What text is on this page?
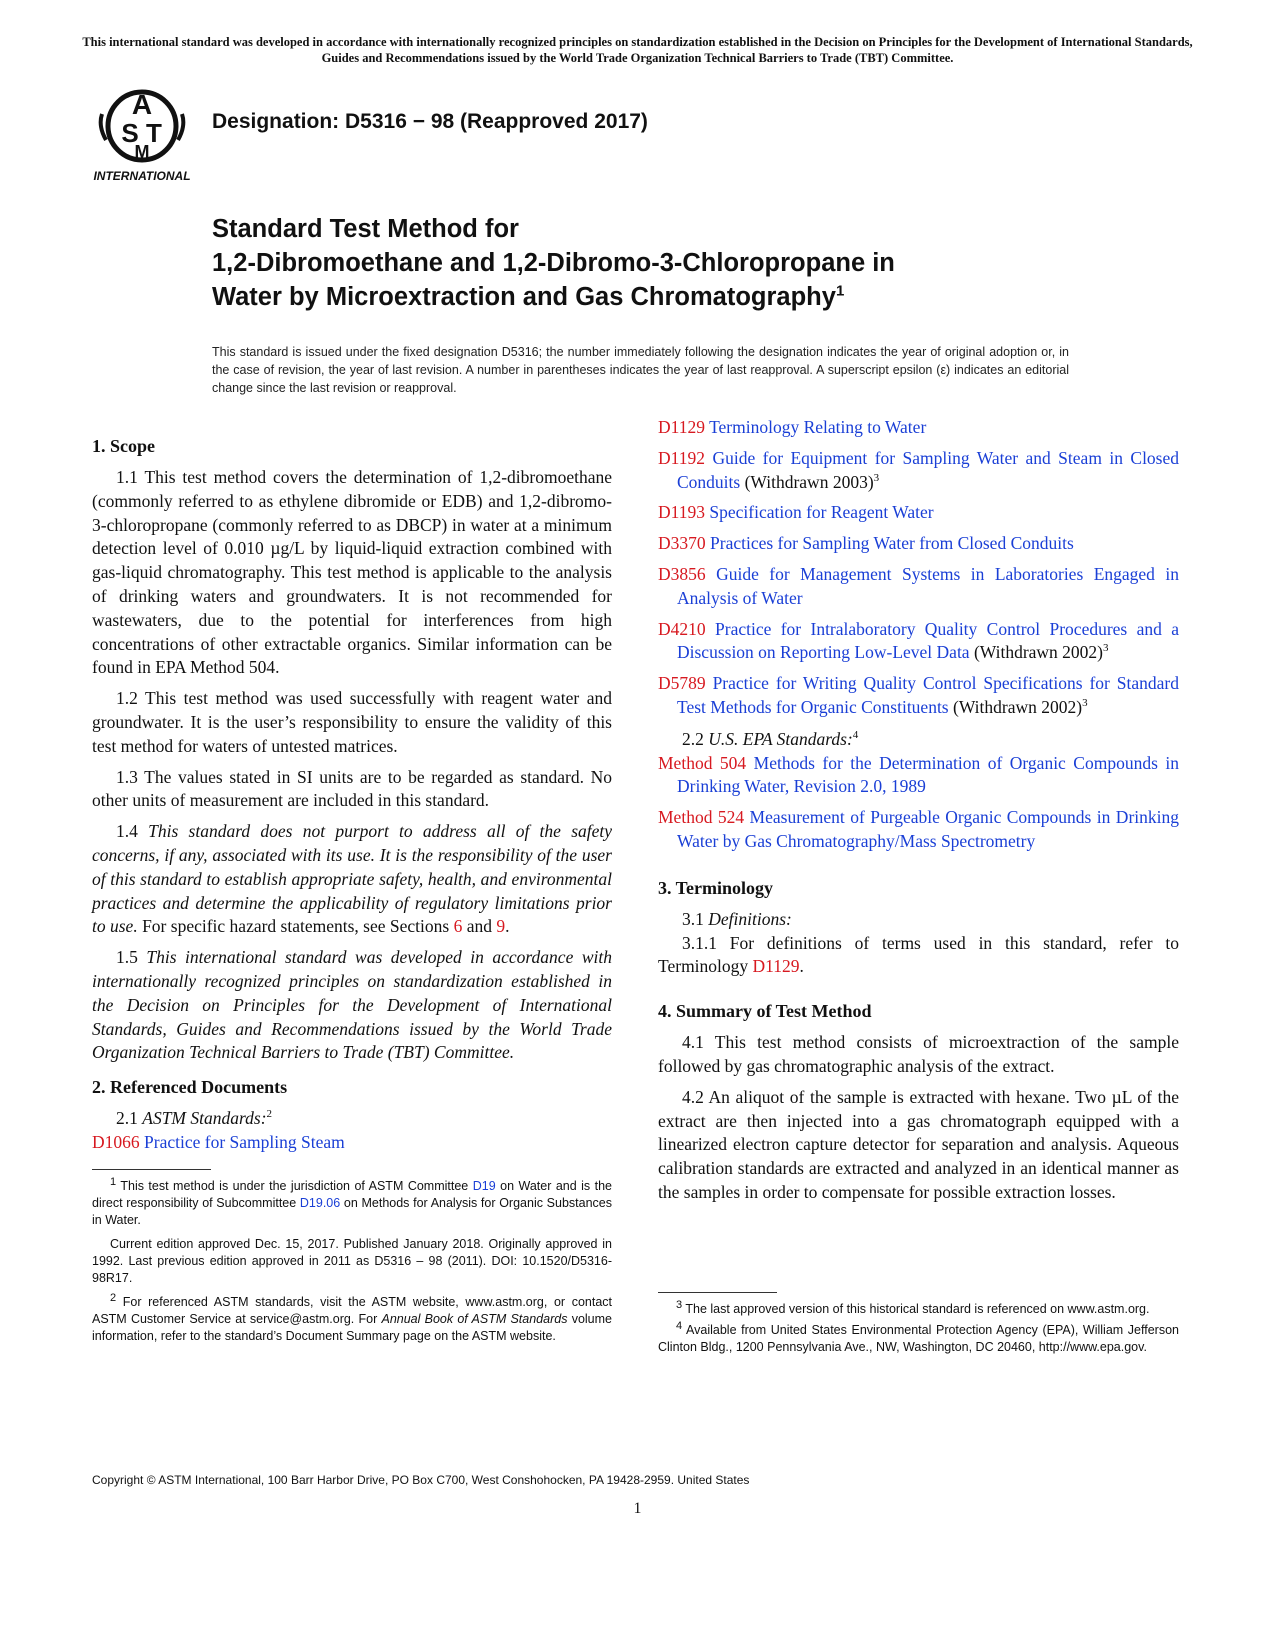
This international standard was developed in accordance with internationally recognized principles on standardization established in the Decision on Principles for the Development of International Standards, Guides and Recommendations issued by the World Trade Organization Technical Barriers to Trade (TBT) Committee.
A
S T
M
INTERNATIONAL
Designation: D5316 − 98 (Reapproved 2017)
Standard Test Method for
1,2-Dibromoethane and 1,2-Dibromo-3-Chloropropane in
Water by Microextraction and Gas Chromatography$^1$
This standard is issued under the fixed designation D5316; the number immediately following the designation indicates the year of original adoption or, in the case of revision, the year of last revision. A number in parentheses indicates the year of last reapproval. A superscript epsilon (ε) indicates an editorial change since the last revision or reapproval.
1. Scope

1.1 This test method covers the determination of 1,2-dibromoethane (commonly referred to as ethylene dibromide or EDB) and 1,2-dibromo-3-chloropropane (commonly referred to as DBCP) in water at a minimum detection level of 0.010 µg/L by liquid-liquid extraction combined with gas-liquid chromatography. This test method is applicable to the analysis of drinking waters and groundwaters. It is not recommended for wastewaters, due to the potential for interferences from high concentrations of other extractable organics. Similar information can be found in EPA Method 504.

1.2 This test method was used successfully with reagent water and groundwater. It is the user’s responsibility to ensure the validity of this test method for waters of untested matrices.

1.3 The values stated in SI units are to be regarded as standard. No other units of measurement are included in this standard.

1.4 This standard does not purport to address all of the safety concerns, if any, associated with its use. It is the responsibility of the user of this standard to establish appropriate safety, health, and environmental practices and determine the applicability of regulatory limitations prior to use. For specific hazard statements, see Sections 6 and 9.

1.5 This international standard was developed in accordance with internationally recognized principles on standardization established in the Decision on Principles for the Development of International Standards, Guides and Recommendations issued by the World Trade Organization Technical Barriers to Trade (TBT) Committee.

2. Referenced Documents

2.1 ASTM Standards:$^2$

D1066 Practice for Sampling Steam

$^1$ This test method is under the jurisdiction of ASTM Committee D19 on Water and is the direct responsibility of Subcommittee D19.06 on Methods for Analysis for Organic Substances in Water.

Current edition approved Dec. 15, 2017. Published January 2018. Originally approved in 1992. Last previous edition approved in 2011 as D5316 – 98 (2011). DOI: 10.1520/D5316-98R17.

$^2$ For referenced ASTM standards, visit the ASTM website, www.astm.org, or contact ASTM Customer Service at service@astm.org. For Annual Book of ASTM Standards volume information, refer to the standard’s Document Summary page on the ASTM website.

D1129 Terminology Relating to Water

D1192 Guide for Equipment for Sampling Water and Steam in Closed Conduits (Withdrawn 2003)$^3$

D1193 Specification for Reagent Water

D3370 Practices for Sampling Water from Closed Conduits

D3856 Guide for Management Systems in Laboratories Engaged in Analysis of Water

D4210 Practice for Intralaboratory Quality Control Procedures and a Discussion on Reporting Low-Level Data (Withdrawn 2002)$^3$

D5789 Practice for Writing Quality Control Specifications for Standard Test Methods for Organic Constituents (Withdrawn 2002)$^3$

2.2 U.S. EPA Standards:$^4$

Method 504 Methods for the Determination of Organic Compounds in Drinking Water, Revision 2.0, 1989

Method 524 Measurement of Purgeable Organic Compounds in Drinking Water by Gas Chromatography/Mass Spectrometry

3. Terminology

3.1 Definitions:

3.1.1 For definitions of terms used in this standard, refer to Terminology D1129.

4. Summary of Test Method

4.1 This test method consists of microextraction of the sample followed by gas chromatographic analysis of the extract.

4.2 An aliquot of the sample is extracted with hexane. Two µL of the extract are then injected into a gas chromatograph equipped with a linearized electron capture detector for separation and analysis. Aqueous calibration standards are extracted and analyzed in an identical manner as the samples in order to compensate for possible extraction losses.

$^3$ The last approved version of this historical standard is referenced on www.astm.org.

$^4$ Available from United States Environmental Protection Agency (EPA), William Jefferson Clinton Bldg., 1200 Pennsylvania Ave., NW, Washington, DC 20460, http://www.epa.gov.

Copyright © ASTM International, 100 Barr Harbor Drive, PO Box C700, West Conshohocken, PA 19428-2959. United States
1
